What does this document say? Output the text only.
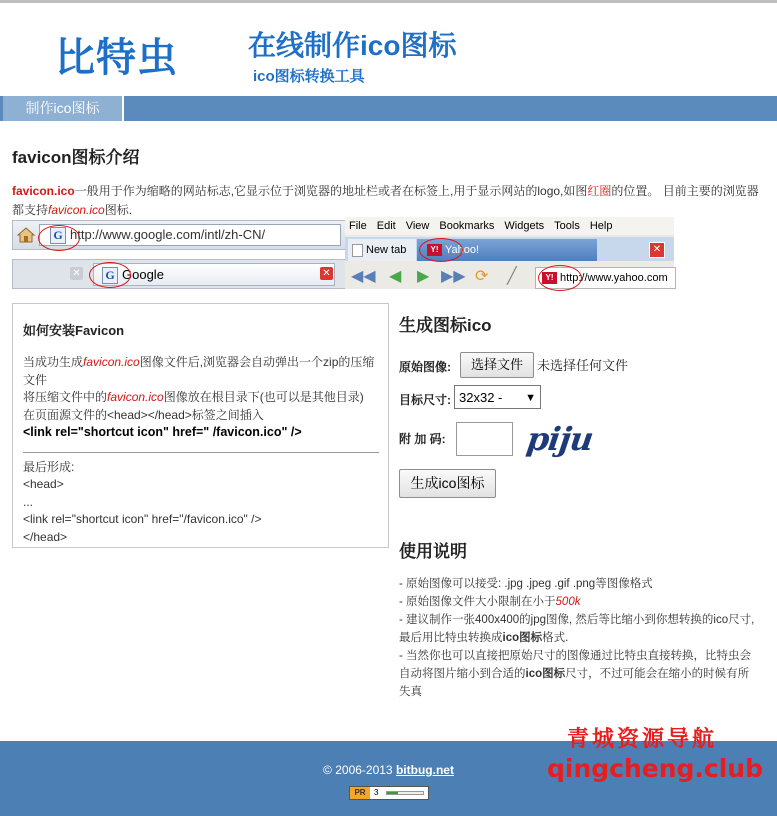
比特虫	在线制作ico图标
ico图标转换工具
制作ico图标
favicon图标介绍
favicon.ico一般用于作为缩略的网站标志,它显示位于浏览器的地址栏或者在标签上,用于显示网站的logo,如图红圈的位置。 目前主要的浏览器都支持favicon.ico图标.
G http://www.google.com/intl/zh-CN/
✕	G Google	✕
File Edit View Bookmarks Widgets Tools Help
New tab	Y! Yahoo!	✕
◀◀ ◀ ▶ ▶▶ ⟳ ╱	Y! http://www.yahoo.com
如何安装Favicon
当成功生成favicon.ico图像文件后,浏览器会自动弹出一个zip的压缩文件
将压缩文件中的favicon.ico图像放在根目录下(也可以是其他目录)
在页面源文件的<head></head>标签之间插入
<link rel="shortcut icon" href=" /favicon.ico" />
最后形成:
<head>
...
<link rel="shortcut icon" href="/favicon.ico" />
</head>
生成图标ico
原始图像:	选择文件	未选择任何文件
目标尺寸: 32x32 - ▼
附 加 码: piju
生成ico图标
使用说明

- 原始图像可以接受: .jpg .jpeg .gif .png等图像格式

- 原始图像文件大小限制在小于500k

- 建议制作一张400x400的jpg图像, 然后等比缩小到你想转换的ico尺寸,最后用比特虫转换成ico图标格式.

- 当然你也可以直接把原始尺寸的图像通过比特虫直接转换，比特虫会自动将图片缩小到合适的ico图标尺寸，不过可能会在缩小的时候有所失真

© 2006-2013 bitbug.net
PR	3
青城资源导航
qingcheng.club
